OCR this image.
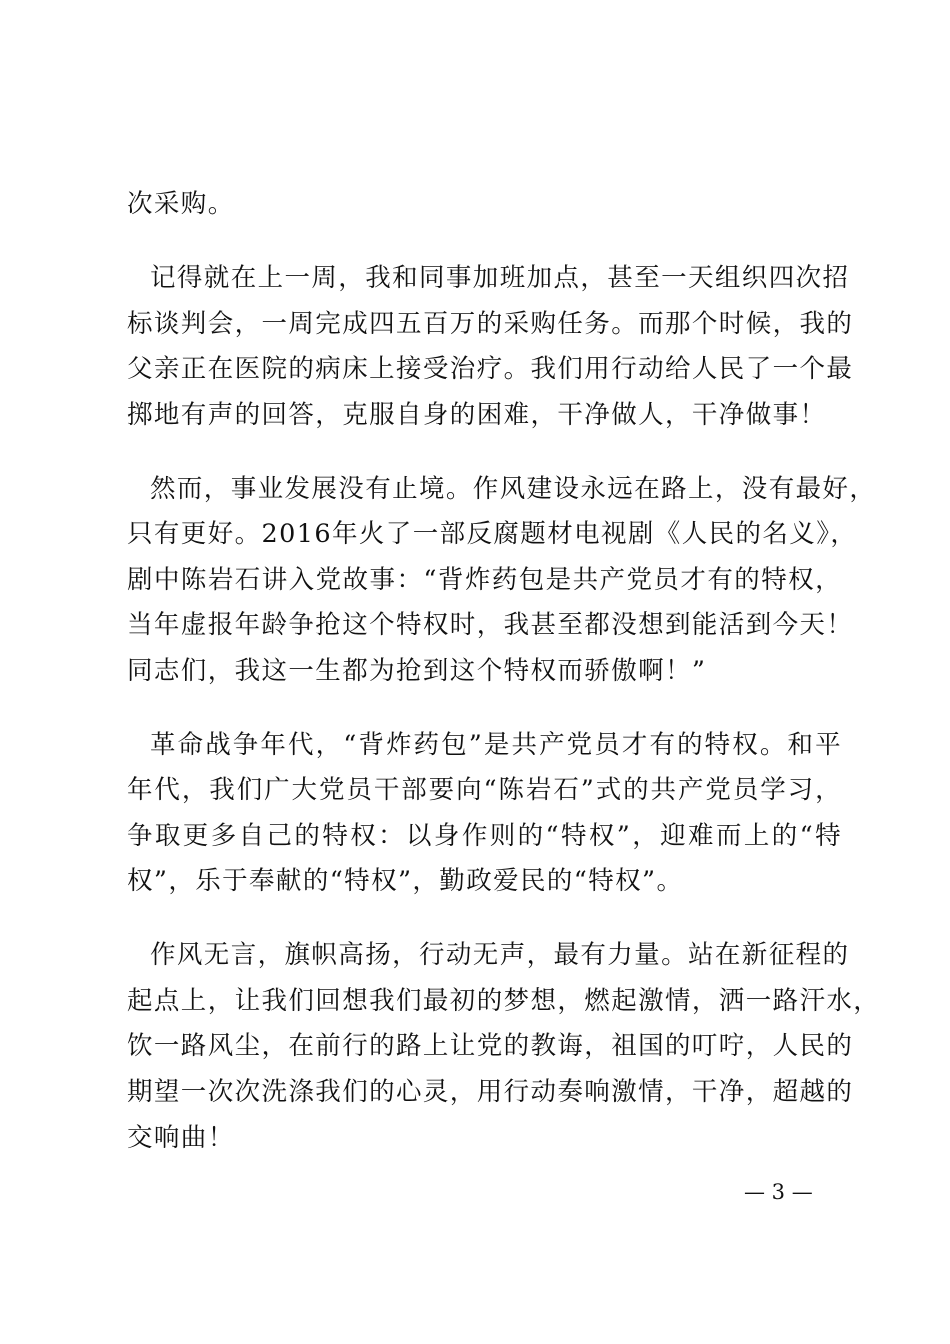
次采购。
记得就在上一周，我和同事加班加点，甚至一天组织四次招
标谈判会，一周完成四五百万的采购任务。而那个时候，我的
父亲正在医院的病床上接受治疗。我们用行动给人民了一个最
掷地有声的回答，克服自身的困难，干净做人，干净做事！
然而，事业发展没有止境。作风建设永远在路上，没有最好，
只有更好。2016年火了一部反腐题材电视剧《人民的名义》，
剧中陈岩石讲入党故事：“背炸药包是共产党员才有的特权，
当年虚报年龄争抢这个特权时，我甚至都没想到能活到今天！
同志们，我这一生都为抢到这个特权而骄傲啊！”
革命战争年代，“背炸药包”是共产党员才有的特权。和平
年代，我们广大党员干部要向“陈岩石”式的共产党员学习，
争取更多自己的特权：以身作则的“特权”，迎难而上的“特
权”，乐于奉献的“特权”，勤政爱民的“特权”。
作风无言，旗帜高扬，行动无声，最有力量。站在新征程的
起点上，让我们回想我们最初的梦想，燃起激情，洒一路汗水，
饮一路风尘，在前行的路上让党的教诲，祖国的叮咛，人民的
期望一次次洗涤我们的心灵，用行动奏响激情，干净，超越的
交响曲！
— 3 —
